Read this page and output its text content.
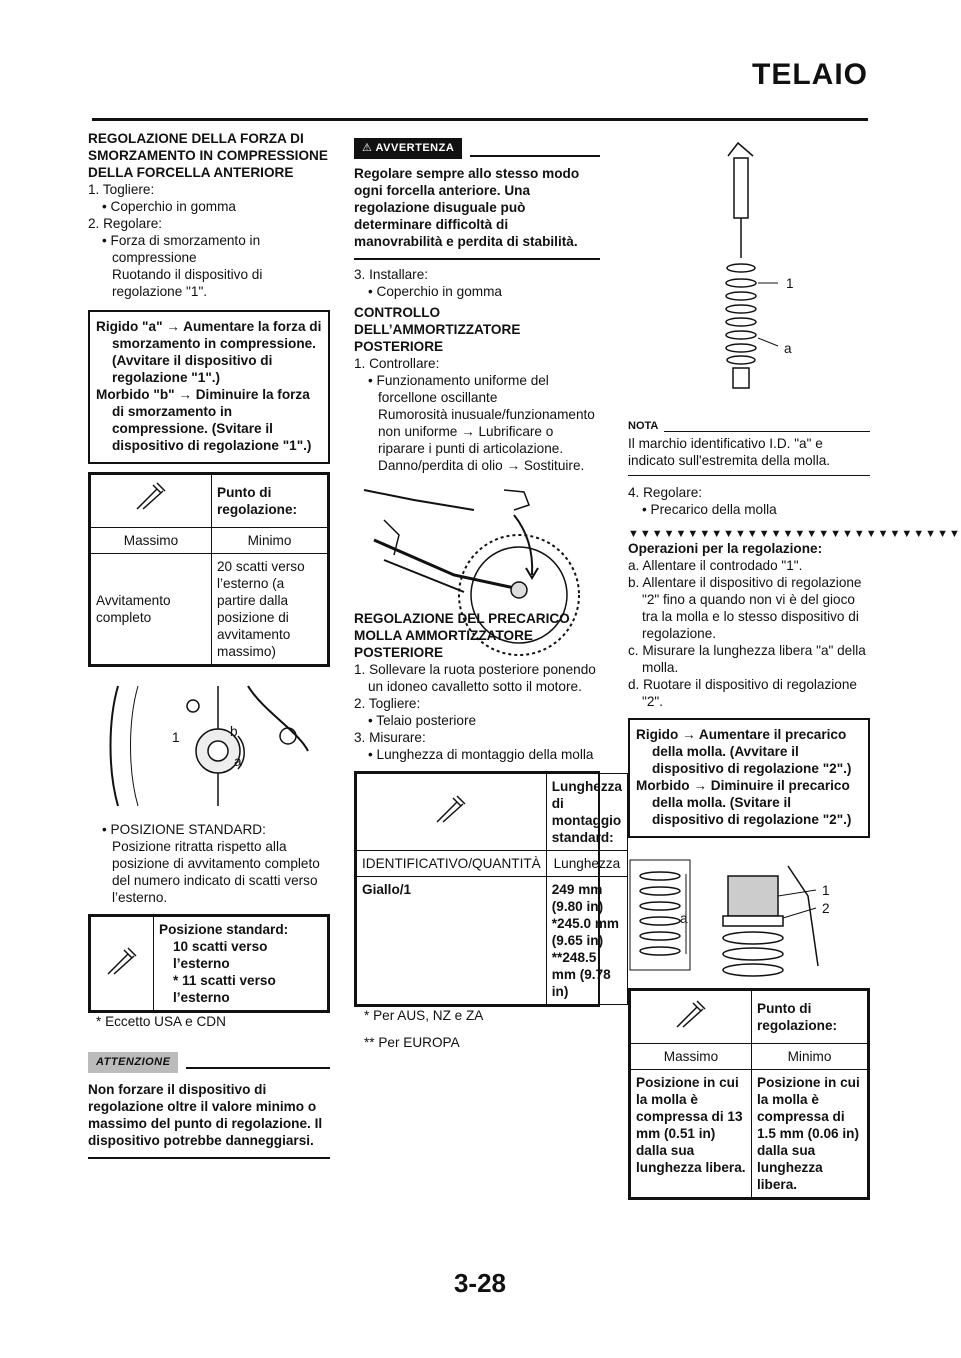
TELAIO

REGOLAZIONE DELLA FORZA DI SMORZAMENTO IN COMPRESSIONE DELLA FORCELLA ANTERIORE

1. Togliere:

• Coperchio in gomma

2. Regolare:

• Forza di smorzamento in compressione

Ruotando il dispositivo di regolazione "1".

Rigido "a" → Aumentare la forza di smorzamento in compressione. (Avvitare il dispositivo di regolazione "1".)

Morbido "b" → Diminuire la forza di smorzamento in compressione. (Svitare il dispositivo di regolazione "1".)

	Punto di regolazione:
Massimo	Minimo
Avvitamento completo	20 scatti verso l’esterno (a partire dalla posizione di avvitamento massimo)
1	b
a

• POSIZIONE STANDARD:

Posizione ritratta rispetto alla posizione di avvitamento completo del numero indicato di scatti verso l’esterno.

Posizione standard:
10 scatti verso l’esterno
* 11 scatti verso l’esterno

* Eccetto USA e CDN

ATTENZIONE

Non forzare il dispositivo di regolazione oltre il valore minimo o massimo del punto di regolazione. Il dispositivo potrebbe danneggiarsi.

⚠ AVVERTENZA

Regolare sempre allo stesso modo ogni forcella anteriore. Una regolazione disuguale può determinare difficoltà di manovrabilità e perdita di stabilità.

3. Installare:

• Coperchio in gomma

CONTROLLO DELL’AMMORTIZZATORE POSTERIORE

1. Controllare:

• Funzionamento uniforme del forcellone oscillante

Rumorosità inusuale/funzionamento non uniforme → Lubrificare o riparare i punti di articolazione.

Danno/perdita di olio → Sostituire.

REGOLAZIONE DEL PRECARICO MOLLA AMMORTIZZATORE POSTERIORE

1. Sollevare la ruota posteriore ponendo un idoneo cavalletto sotto il motore.

2. Togliere:

• Telaio posteriore

3. Misurare:

• Lunghezza di montaggio della molla

	Lunghezza di montaggio standard:
IDENTIFICATIVO/QUANTITÀ	Lunghezza
Giallo/1	249 mm (9.80 in) *245.0 mm (9.65 in) **248.5 mm (9.78 in)

* Per AUS, NZ e ZA

** Per EUROPA

1
a
NOTA

Il marchio identificativo I.D. "a" e indicato sull'estremita della molla.

4. Regolare:

• Precarico della molla

▼▼▼▼▼▼▼▼▼▼▼▼▼▼▼▼▼▼▼▼▼▼▼▼▼▼▼▼

Operazioni per la regolazione:

a. Allentare il controdado "1".

b. Allentare il dispositivo di regolazione "2" fino a quando non vi è del gioco tra la molla e lo stesso dispositivo di regolazione.

c. Misurare la lunghezza libera "a" della molla.

d. Ruotare il dispositivo di regolazione "2".

Rigido → Aumentare il precarico della molla. (Avvitare il dispositivo di regolazione "2".)

Morbido → Diminuire il precarico della molla. (Svitare il dispositivo di regolazione "2".)

a
1
2
	Punto di regolazione:
Massimo	Minimo
Posizione in cui la molla è compressa di 13 mm (0.51 in) dalla sua lunghezza libera.	Posizione in cui la molla è compressa di 1.5 mm (0.06 in) dalla sua lunghezza libera.
3-28
